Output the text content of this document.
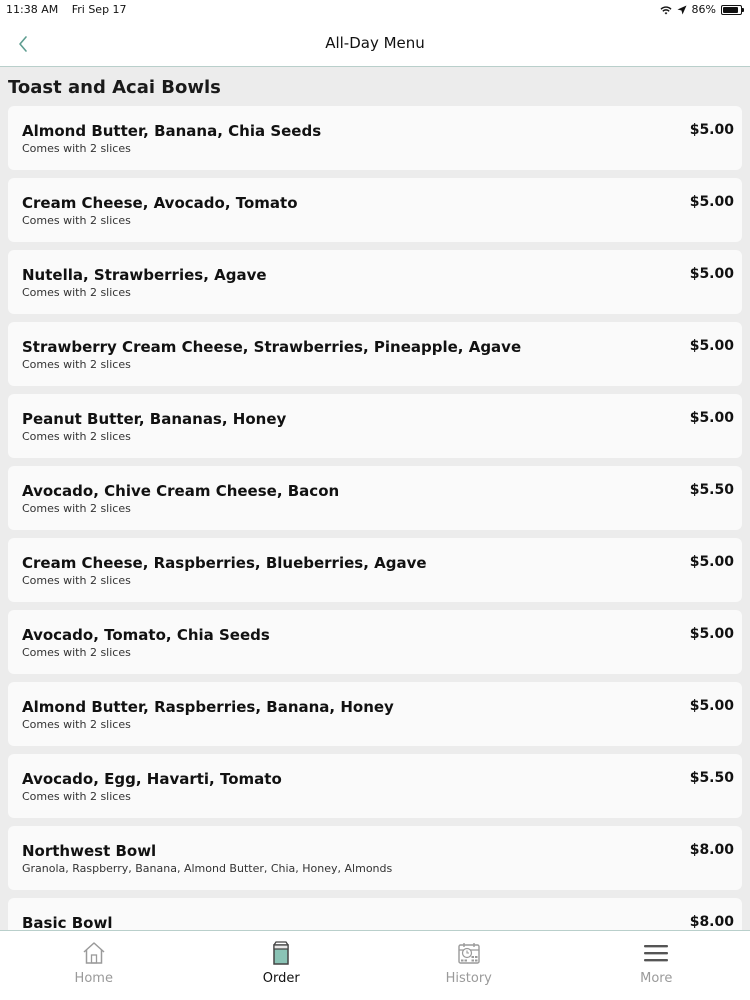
11:38 AM Fri Sep 17	86%
All-Day Menu
Toast and Acai Bowls
Almond Butter, Banana, Chia Seeds
Comes with 2 slices
$5.00
Cream Cheese, Avocado, Tomato
Comes with 2 slices
$5.00
Nutella, Strawberries, Agave
Comes with 2 slices
$5.00
Strawberry Cream Cheese, Strawberries, Pineapple, Agave
Comes with 2 slices
$5.00
Peanut Butter, Bananas, Honey
Comes with 2 slices
$5.00
Avocado, Chive Cream Cheese, Bacon
Comes with 2 slices
$5.50
Cream Cheese, Raspberries, Blueberries, Agave
Comes with 2 slices
$5.00
Avocado, Tomato, Chia Seeds
Comes with 2 slices
$5.00
Almond Butter, Raspberries, Banana, Honey
Comes with 2 slices
$5.00
Avocado, Egg, Havarti, Tomato
Comes with 2 slices
$5.50
Northwest Bowl
Granola, Raspberry, Banana, Almond Butter, Chia, Honey, Almonds
$8.00
Basic Bowl	$8.00
Home	Order	History	More
